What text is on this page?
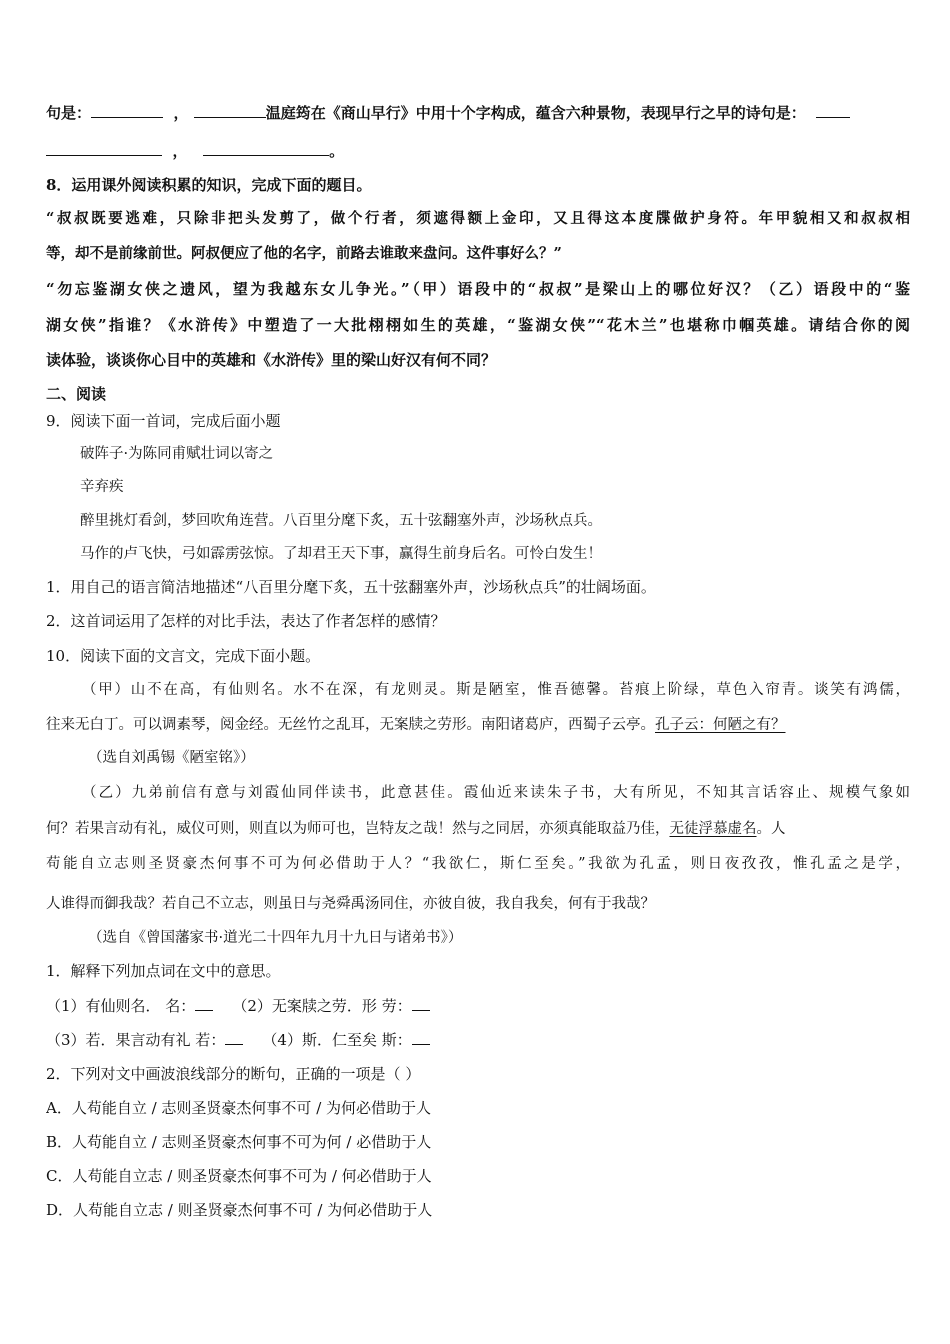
句是：	，	温庭筠在《商山早行》中用十个字构成，蕴含六种景物，表现早行之早的诗句是：
，	。
8．运用课外阅读积累的知识，完成下面的题目。
“叔叔既要逃难，只除非把头发剪了，做个行者，须遮得额上金印，又且得这本度牒做护身符。年甲貌相又和叔叔相
等，却不是前缘前世。阿叔便应了他的名字，前路去谁敢来盘问。这件事好么？”
“勿忘鉴湖女侠之遗风，望为我越东女儿争光。”（甲）语段中的“叔叔”是梁山上的哪位好汉？（乙）语段中的“鉴
湖女侠”指谁？《水浒传》中塑造了一大批栩栩如生的英雄，“鉴湖女侠”“花木兰”也堪称巾帼英雄。请结合你的阅
读体验，谈谈你心目中的英雄和《水浒传》里的梁山好汉有何不同？
二、阅读
9．阅读下面一首词，完成后面小题
破阵子·为陈同甫赋壮词以寄之
辛弃疾
醉里挑灯看剑，梦回吹角连营。八百里分麾下炙，五十弦翻塞外声，沙场秋点兵。
马作的卢飞快，弓如霹雳弦惊。了却君王天下事，赢得生前身后名。可怜白发生！
1．用自己的语言简洁地描述“八百里分麾下炙，五十弦翻塞外声，沙场秋点兵”的壮阔场面。
2．这首词运用了怎样的对比手法，表达了作者怎样的感情？
10．阅读下面的文言文，完成下面小题。
（甲）山不在高，有仙则名。水不在深，有龙则灵。斯是陋室，惟吾德馨。苔痕上阶绿，草色入帘青。谈笑有鸿儒，
往来无白丁。可以调素琴，阅金经。无丝竹之乱耳，无案牍之劳形。南阳诸葛庐，西蜀子云亭。孔子云：何陋之有？
（选自刘禹锡《陋室铭》）
（乙）九弟前信有意与刘霞仙同伴读书，此意甚佳。霞仙近来读朱子书，大有所见，不知其言话容止、规模气象如
何？若果言动有礼，威仪可则，则直以为师可也，岂特友之哉！然与之同居，亦须真能取益乃佳，无徒浮慕虚名。人
苟能自立志则圣贤豪杰何事不可为何必借助于人？“我欲仁，斯仁至矣。”我欲为孔孟，则日夜孜孜，惟孔孟之是学，
人谁得而御我哉？若自己不立志，则虽日与尧舜禹汤同住，亦彼自彼，我自我矣，何有于我哉？
（选自《曾国藩家书·道光二十四年九月十九日与诸弟书》）
1．解释下列加点词在文中的意思。
（1）有仙则名． 名： （2）无案牍之劳．形 劳：
（3）若．果言动有礼 若： （4）斯．仁至矣 斯：
2．下列对文中画波浪线部分的断句，正确的一项是（ ）
A．人苟能自立 / 志则圣贤豪杰何事不可 / 为何必借助于人
B．人苟能自立 / 志则圣贤豪杰何事不可为何 / 必借助于人
C．人苟能自立志 / 则圣贤豪杰何事不可为 / 何必借助于人
D．人苟能自立志 / 则圣贤豪杰何事不可 / 为何必借助于人
